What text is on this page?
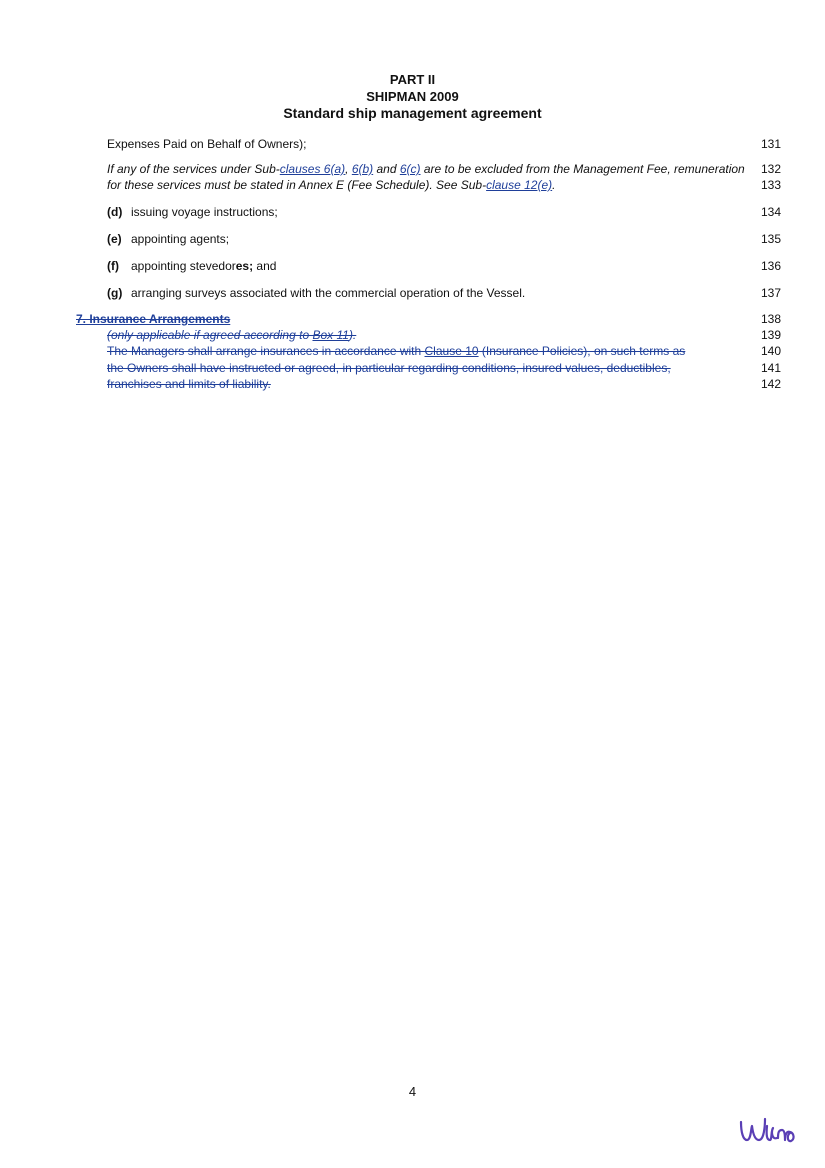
PART II
SHIPMAN 2009
Standard ship management agreement
Expenses Paid on Behalf of Owners);	131
If any of the services under Sub-clauses 6(a), 6(b) and 6(c) are to be excluded from the Management Fee, remuneration	132
for these services must be stated in Annex E (Fee Schedule). See Sub-clause 12(e).	133
(d) issuing voyage instructions;	134
(e) appointing agents;	135
(f) appointing stevedores; and	136
(g) arranging surveys associated with the commercial operation of the Vessel.	137
7. Insurance Arrangements	138
(only applicable if agreed according to Box 11).	139
The Managers shall arrange insurances in accordance with Clause 10 (Insurance Policies), on such terms as	140
the Owners shall have instructed or agreed, in particular regarding conditions, insured values, deductibles,	141
franchises and limits of liability.	142
4
